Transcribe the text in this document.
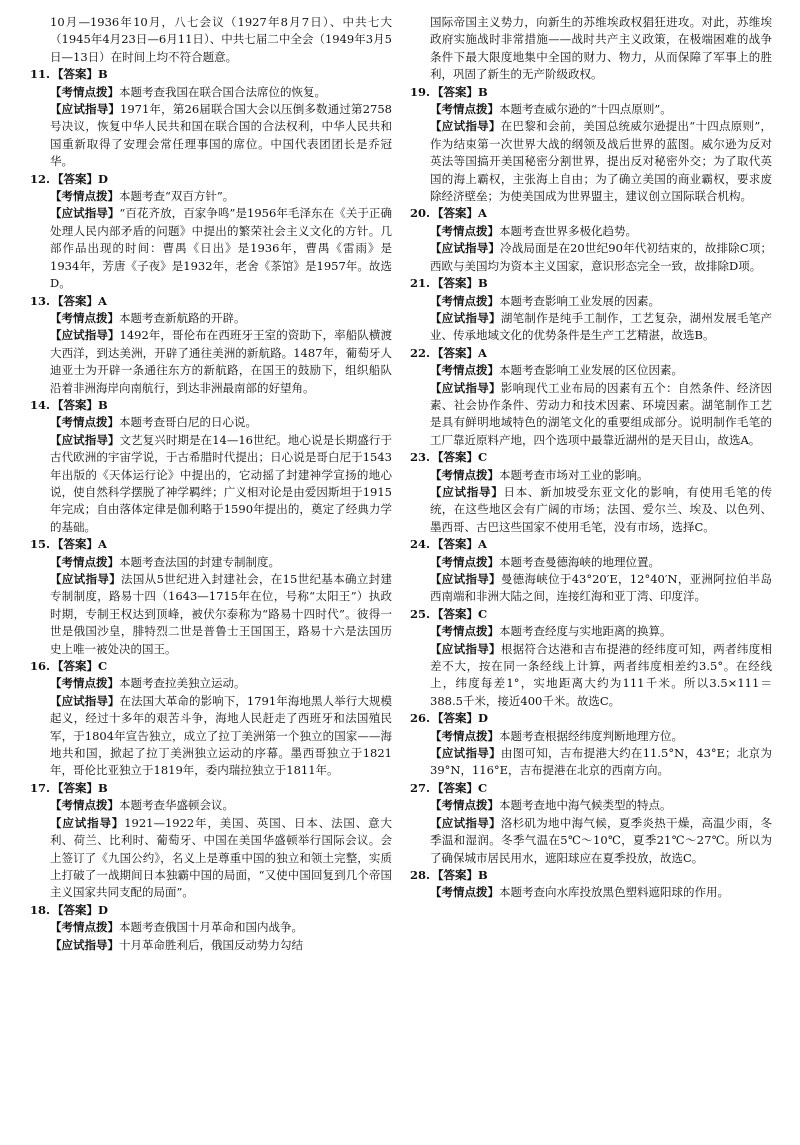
10月—1936年10月，八七会议（1927年8月7日）、中共七大（1945年4月23日—6月11日）、中共七届二中全会（1949年3月5日—13日）在时间上均不符合题意。

11. 【答案】B

【考情点拨】本题考查我国在联合国合法席位的恢复。

【应试指导】1971年，第26届联合国大会以压倒多数通过第2758号决议，恢复中华人民共和国在联合国的合法权利，中华人民共和国重新取得了安理会常任理事国的席位。中国代表团团长是乔冠华。

12. 【答案】D

【考情点拨】本题考查“双百方针”。

【应试指导】“百花齐放，百家争鸣”是1956年毛泽东在《关于正确处理人民内部矛盾的问题》中提出的繁荣社会主义文化的方针。几部作品出现的时间：曹禺《日出》是1936年，曹禺《雷雨》是1934年，芳唐《子夜》是1932年，老舍《茶馆》是1957年。故选D。

13. 【答案】A

【考情点拨】本题考查新航路的开辟。

【应试指导】1492年，哥伦布在西班牙王室的资助下，率船队横渡大西洋，到达美洲，开辟了通往美洲的新航路。1487年，葡萄牙人迪亚士为开辟一条通往东方的新航路，在国王的鼓励下，组织船队沿着非洲海岸向南航行，到达非洲最南部的好望角。

14. 【答案】B

【考情点拨】本题考查哥白尼的日心说。

【应试指导】文艺复兴时期是在14—16世纪。地心说是长期盛行于古代欧洲的宇宙学说，于古希腊时代提出；日心说是哥白尼于1543年出版的《天体运行论》中提出的，它动摇了封建神学宣扬的地心说，使自然科学摆脱了神学羁绊；广义相对论是由爱因斯坦于1915年完成；自由落体定律是伽利略于1590年提出的，奠定了经典力学的基础。

15. 【答案】A

【考情点拨】本题考查法国的封建专制制度。

【应试指导】法国从5世纪进入封建社会，在15世纪基本确立封建专制制度，路易十四（1643—1715年在位，号称“太阳王”）执政时期，专制王权达到顶峰，被伏尔泰称为“路易十四时代”。彼得一世是俄国沙皇，腓特烈二世是普鲁士王国国王，路易十六是法国历史上唯一被处决的国王。

16. 【答案】C

【考情点拨】本题考查拉美独立运动。

【应试指导】在法国大革命的影响下，1791年海地黑人举行大规模起义，经过十多年的艰苦斗争，海地人民赶走了西班牙和法国殖民军，于1804年宣告独立，成立了拉丁美洲第一个独立的国家——海地共和国，掀起了拉丁美洲独立运动的序幕。墨西哥独立于1821年，哥伦比亚独立于1819年，委内瑞拉独立于1811年。

17. 【答案】B

【考情点拨】本题考查华盛顿会议。

【应试指导】1921—1922年，美国、英国、日本、法国、意大利、荷兰、比利时、葡萄牙、中国在美国华盛顿举行国际会议。会上签订了《九国公约》，名义上是尊重中国的独立和领土完整，实质上打破了一战期间日本独霸中国的局面，“又使中国回复到几个帝国主义国家共同支配的局面”。

18. 【答案】D

【考情点拨】本题考查俄国十月革命和国内战争。

【应试指导】十月革命胜利后，俄国反动势力勾结

国际帝国主义势力，向新生的苏维埃政权猖狂进攻。对此，苏维埃政府实施战时非常措施——战时共产主义政策，在极端困难的战争条件下最大限度地集中全国的财力、物力，从而保障了军事上的胜利，巩固了新生的无产阶级政权。

19. 【答案】B

【考情点拨】本题考查威尔逊的“十四点原则”。

【应试指导】在巴黎和会前，美国总统威尔逊提出“十四点原则”，作为结束第一次世界大战的纲领及战后世界的蓝图。威尔逊为反对英法等国搞开美国秘密分割世界，提出反对秘密外交；为了取代英国的海上霸权，主张海上自由；为了确立美国的商业霸权，要求废除经济壁垒；为使美国成为世界盟主，建议创立国际联合机构。

20. 【答案】A

【考情点拨】本题考查世界多极化趋势。

【应试指导】冷战局面是在20世纪90年代初结束的，故排除C项；西欧与美国均为资本主义国家，意识形态完全一致，故排除D项。

21. 【答案】B

【考情点拨】本题考查影响工业发展的因素。

【应试指导】湖笔制作是纯手工制作，工艺复杂，湖州发展毛笔产业、传承地域文化的优势条件是生产工艺精湛，故选B。

22. 【答案】A

【考情点拨】本题考查影响工业发展的区位因素。

【应试指导】影响现代工业布局的因素有五个：自然条件、经济因素、社会协作条件、劳动力和技术因素、环境因素。湖笔制作工艺是具有鲜明地域特色的湖笔文化的重要组成部分。说明制作毛笔的工厂靠近原料产地，四个选项中最靠近湖州的是天目山，故选A。

23. 【答案】C

【考情点拨】本题考查市场对工业的影响。

【应试指导】日本、新加坡受东亚文化的影响，有使用毛笔的传统，在这些地区会有广阔的市场；法国、爱尔兰、埃及、以色列、墨西哥、古巴这些国家不使用毛笔，没有市场，选择C。

24. 【答案】A

【考情点拨】本题考查曼德海峡的地理位置。

【应试指导】曼德海峡位于43°20′E，12°40′N，亚洲阿拉伯半岛西南端和非洲大陆之间，连接红海和亚丁湾、印度洋。

25. 【答案】C

【考情点拨】本题考查经度与实地距离的换算。

【应试指导】根据符合达港和吉布提港的经纬度可知，两者纬度相差不大，按在同一条经线上计算，两者纬度相差约3.5°。在经线上，纬度每差1°，实地距离大约为111千米。所以3.5×111＝388.5千米，接近400千米。故选C。

26. 【答案】D

【考情点拨】本题考查根据经纬度判断地理方位。

【应试指导】由图可知，吉布提港大约在11.5°N，43°E；北京为39°N，116°E，吉布提港在北京的西南方向。

27. 【答案】C

【考情点拨】本题考查地中海气候类型的特点。

【应试指导】洛杉矶为地中海气候，夏季炎热干燥，高温少雨，冬季温和湿润。冬季气温在5℃～10℃，夏季21℃～27℃。所以为了确保城市居民用水，遮阳球应在夏季投放，故选C。

28. 【答案】B

【考情点拨】本题考查向水库投放黑色塑料遮阳球的作用。
